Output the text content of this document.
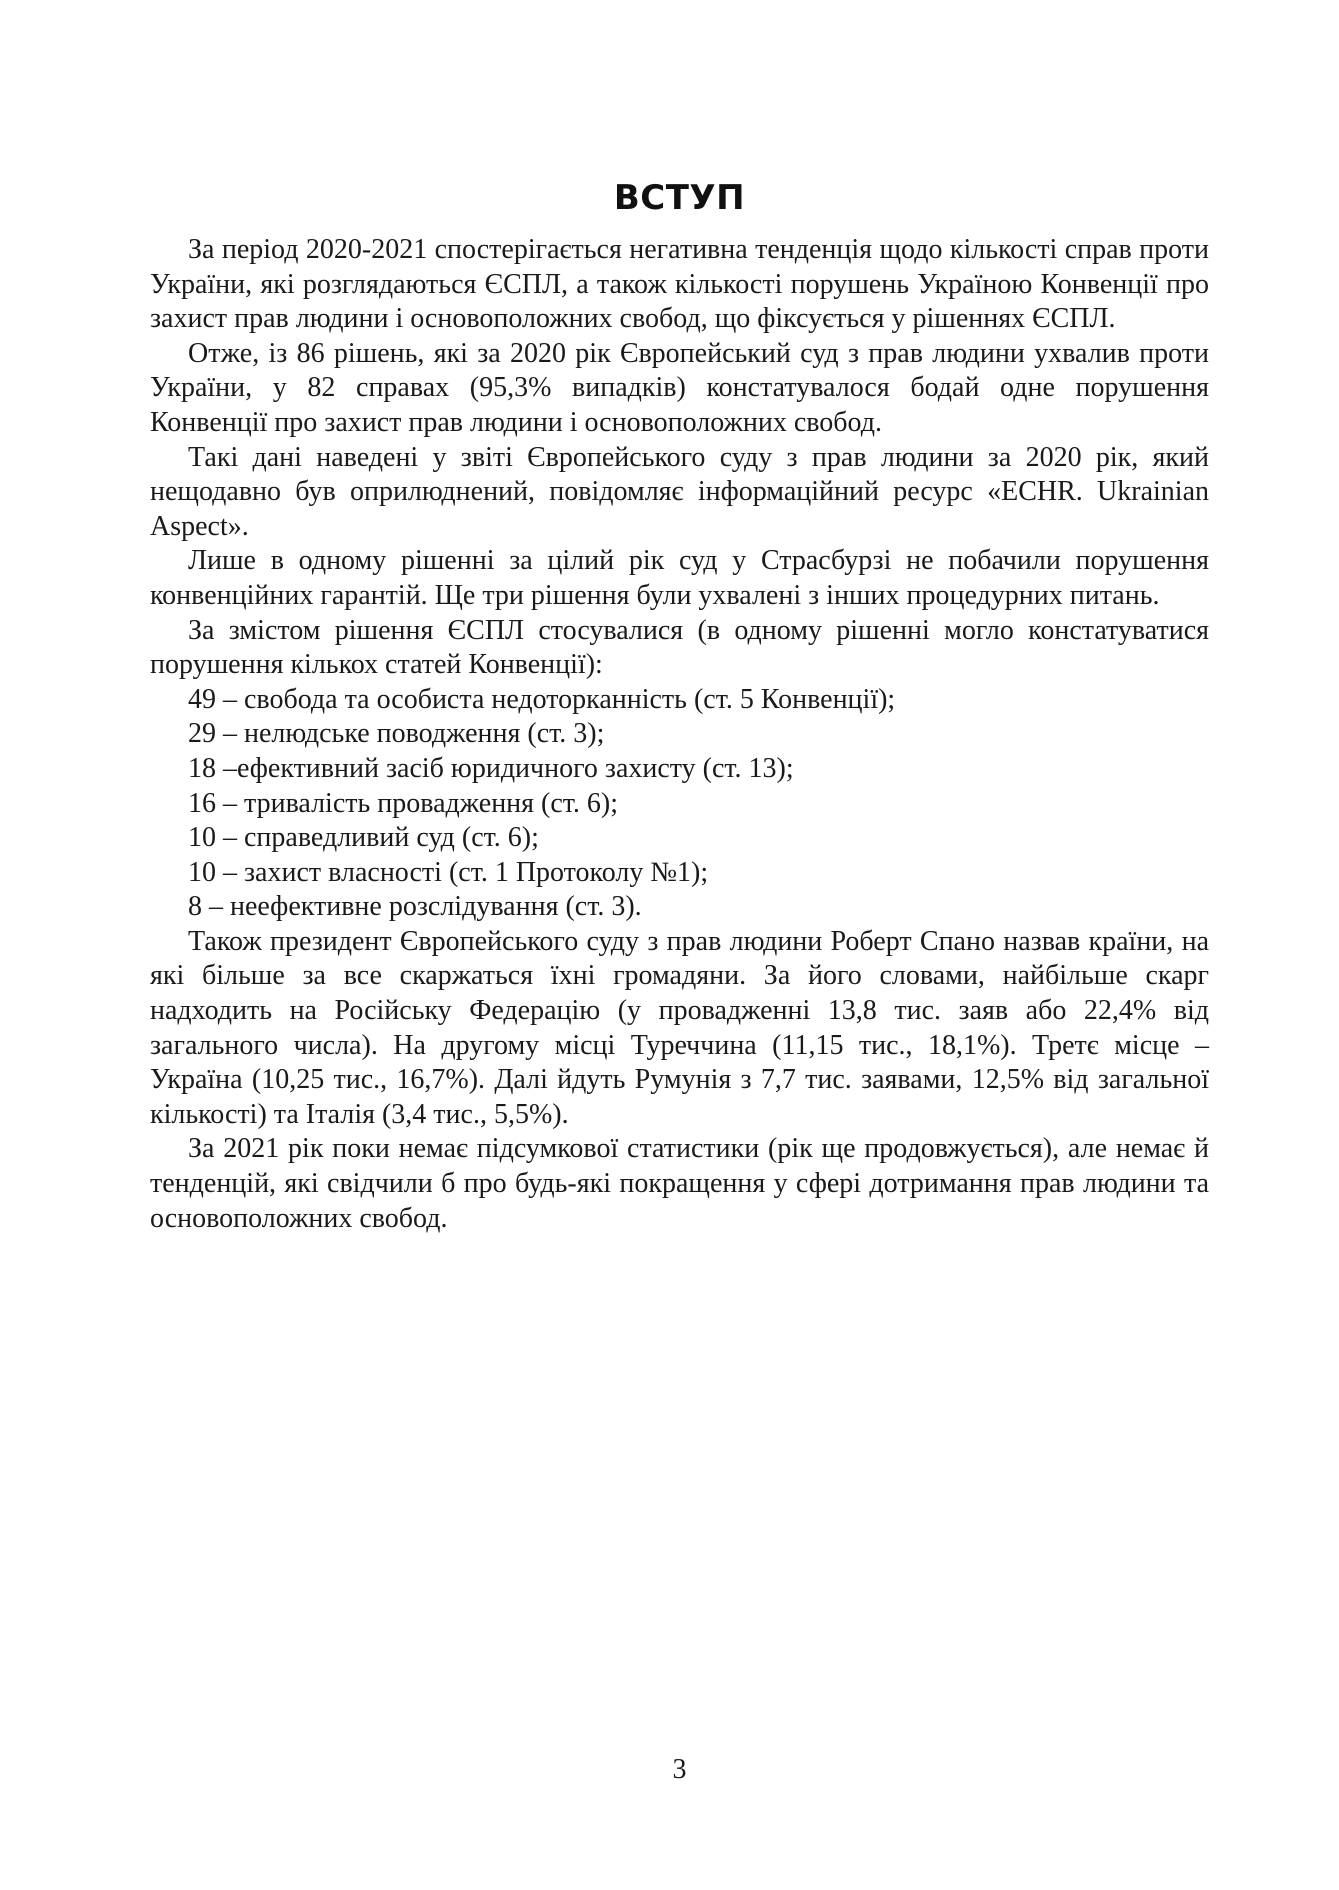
ВСТУП

За період 2020-2021 спостерігається негативна тенденція щодо кількості справ проти України, які розглядаються ЄСПЛ, а також кількості порушень Україною Конвенції про захист прав людини і основоположних свобод, що фіксується у рішеннях ЄСПЛ.

Отже, із 86 рішень, які за 2020 рік Європейський суд з прав людини ухвалив проти України, у 82 справах (95,3% випадків) констатувалося бодай одне порушення Конвенції про захист прав людини і основоположних свобод.

Такі дані наведені у звіті Європейського суду з прав людини за 2020 рік, який нещодавно був оприлюднений, повідомляє інформаційний ресурс «ECHR. Ukrainian Aspect».

Лише в одному рішенні за цілий рік суд у Страсбурзі не побачили порушення конвенційних гарантій. Ще три рішення були ухвалені з інших процедурних питань.

За змістом рішення ЄСПЛ стосувалися (в одному рішенні могло констатуватися порушення кількох статей Конвенції):

49 – свобода та особиста недоторканність (ст. 5 Конвенції);

29 – нелюдське поводження (ст. 3);

18 –ефективний засіб юридичного захисту (ст. 13);

16 – тривалість провадження (ст. 6);

10 – справедливий суд (ст. 6);

10 – захист власності (ст. 1 Протоколу №1);

8 – неефективне розслідування (ст. 3).

Також президент Європейського суду з прав людини Роберт Спано назвав країни, на які більше за все скаржаться їхні громадяни. За його словами, найбільше скарг надходить на Російську Федерацію (у провадженні 13,8 тис. заяв або 22,4% від загального числа). На другому місці Туреччина (11,15 тис., 18,1%). Третє місце – Україна (10,25 тис., 16,7%). Далі йдуть Румунія з 7,7 тис. заявами, 12,5% від загальної кількості) та Італія (3,4 тис., 5,5%).

За 2021 рік поки немає підсумкової статистики (рік ще продовжується), але немає й тенденцій, які свідчили б про будь-які покращення у сфері дотримання прав людини та основоположних свобод.

3
